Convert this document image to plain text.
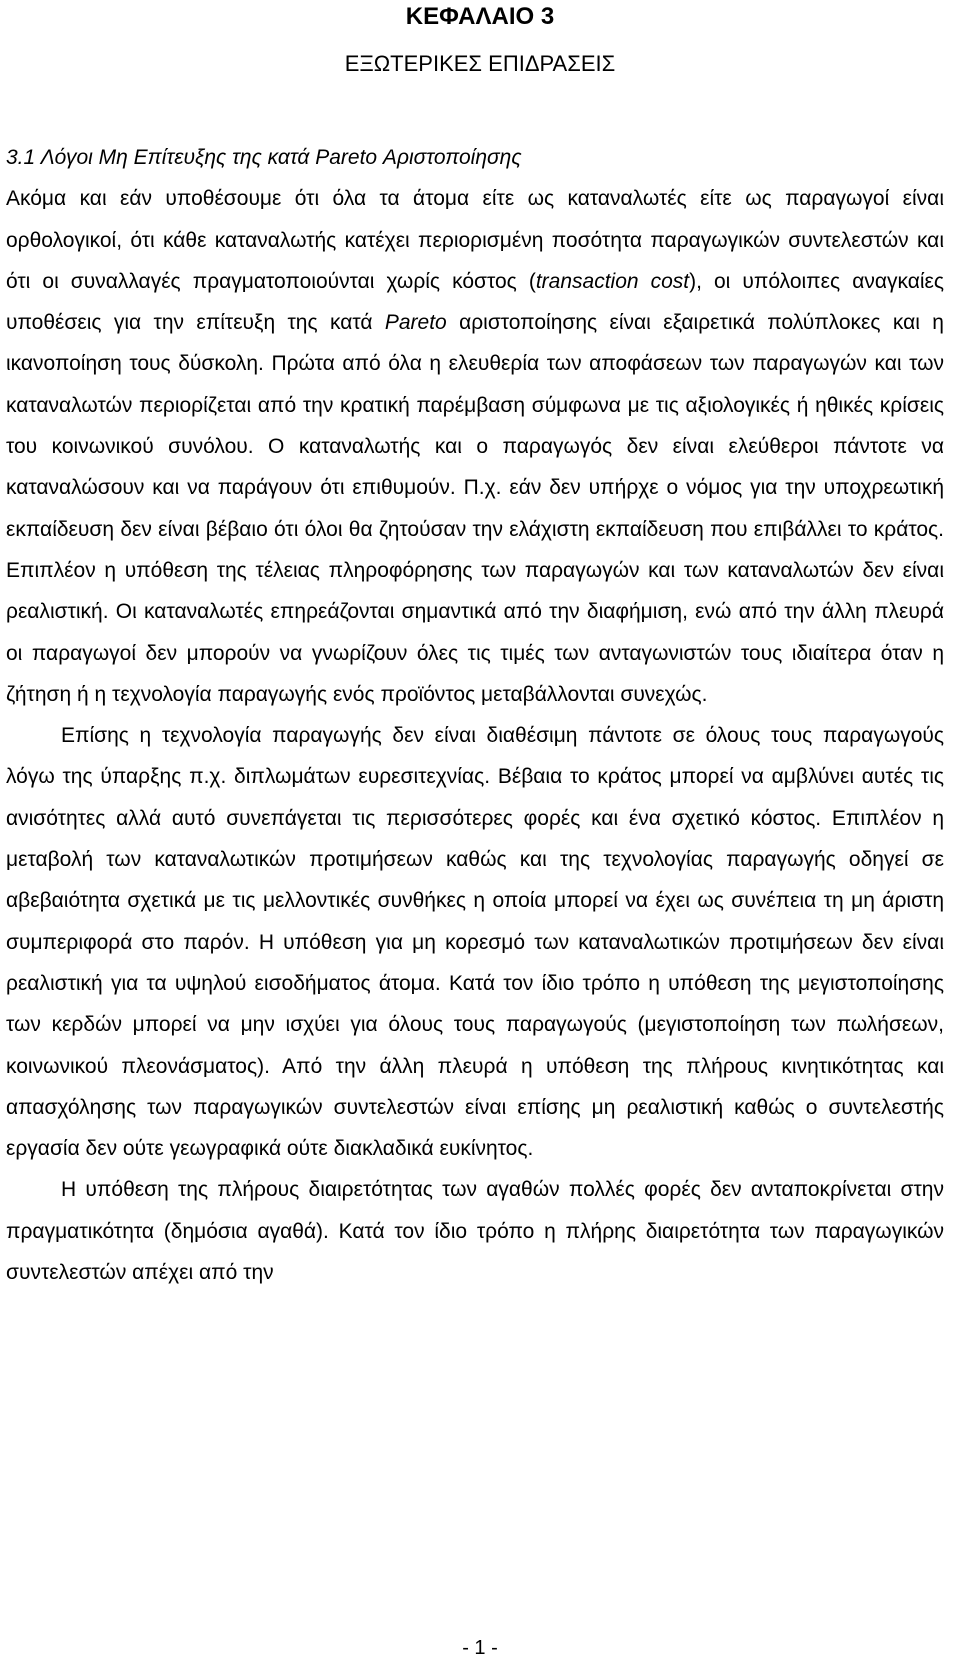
ΚΕΦΑΛΑΙΟ 3
ΕΞΩΤΕΡΙΚΕΣ ΕΠΙΔΡΑΣΕΙΣ
3.1 Λόγοι Μη Επίτευξης της κατά Pareto Αριστοποίησης

Ακόμα και εάν υποθέσουμε ότι όλα τα άτομα είτε ως καταναλωτές είτε ως παραγωγοί είναι ορθολογικοί, ότι κάθε καταναλωτής κατέχει περιορισμένη ποσότητα παραγωγικών συντελεστών και ότι οι συναλλαγές πραγματοποιούνται χωρίς κόστος (transaction cost), οι υπόλοιπες αναγκαίες υποθέσεις για την επίτευξη της κατά Pareto αριστοποίησης είναι εξαιρετικά πολύπλοκες και η ικανοποίηση τους δύσκολη. Πρώτα από όλα η ελευθερία των αποφάσεων των παραγωγών και των καταναλωτών περιορίζεται από την κρατική παρέμβαση σύμφωνα με τις αξιολογικές ή ηθικές κρίσεις του κοινωνικού συνόλου. Ο καταναλωτής και ο παραγωγός δεν είναι ελεύθεροι πάντοτε να καταναλώσουν και να παράγουν ότι επιθυμούν. Π.χ. εάν δεν υπήρχε ο νόμος για την υποχρεωτική εκπαίδευση δεν είναι βέβαιο ότι όλοι θα ζητούσαν την ελάχιστη εκπαίδευση που επιβάλλει το κράτος. Επιπλέον η υπόθεση της τέλειας πληροφόρησης των παραγωγών και των καταναλωτών δεν είναι ρεαλιστική. Οι καταναλωτές επηρεάζονται σημαντικά από την διαφήμιση, ενώ από την άλλη πλευρά οι παραγωγοί δεν μπορούν να γνωρίζουν όλες τις τιμές των ανταγωνιστών τους ιδιαίτερα όταν η ζήτηση ή η τεχνολογία παραγωγής ενός προϊόντος μεταβάλλονται συνεχώς.

Επίσης η τεχνολογία παραγωγής δεν είναι διαθέσιμη πάντοτε σε όλους τους παραγωγούς λόγω της ύπαρξης π.χ. διπλωμάτων ευρεσιτεχνίας. Βέβαια το κράτος μπορεί να αμβλύνει αυτές τις ανισότητες αλλά αυτό συνεπάγεται τις περισσότερες φορές και ένα σχετικό κόστος. Επιπλέον η μεταβολή των καταναλωτικών προτιμήσεων καθώς και της τεχνολογίας παραγωγής οδηγεί σε αβεβαιότητα σχετικά με τις μελλοντικές συνθήκες η οποία μπορεί να έχει ως συνέπεια τη μη άριστη συμπεριφορά στο παρόν. Η υπόθεση για μη κορεσμό των καταναλωτικών προτιμήσεων δεν είναι ρεαλιστική για τα υψηλού εισοδήματος άτομα. Κατά τον ίδιο τρόπο η υπόθεση της μεγιστοποίησης των κερδών μπορεί να μην ισχύει για όλους τους παραγωγούς (μεγιστοποίηση των πωλήσεων, κοινωνικού πλεονάσματος). Από την άλλη πλευρά η υπόθεση της πλήρους κινητικότητας και απασχόλησης των παραγωγικών συντελεστών είναι επίσης μη ρεαλιστική καθώς ο συντελεστής εργασία δεν ούτε γεωγραφικά ούτε διακλαδικά ευκίνητος.

Η υπόθεση της πλήρους διαιρετότητας των αγαθών πολλές φορές δεν ανταποκρίνεται στην πραγματικότητα (δημόσια αγαθά). Κατά τον ίδιο τρόπο η πλήρης διαιρετότητα των παραγωγικών συντελεστών απέχει από την

- 1 -
